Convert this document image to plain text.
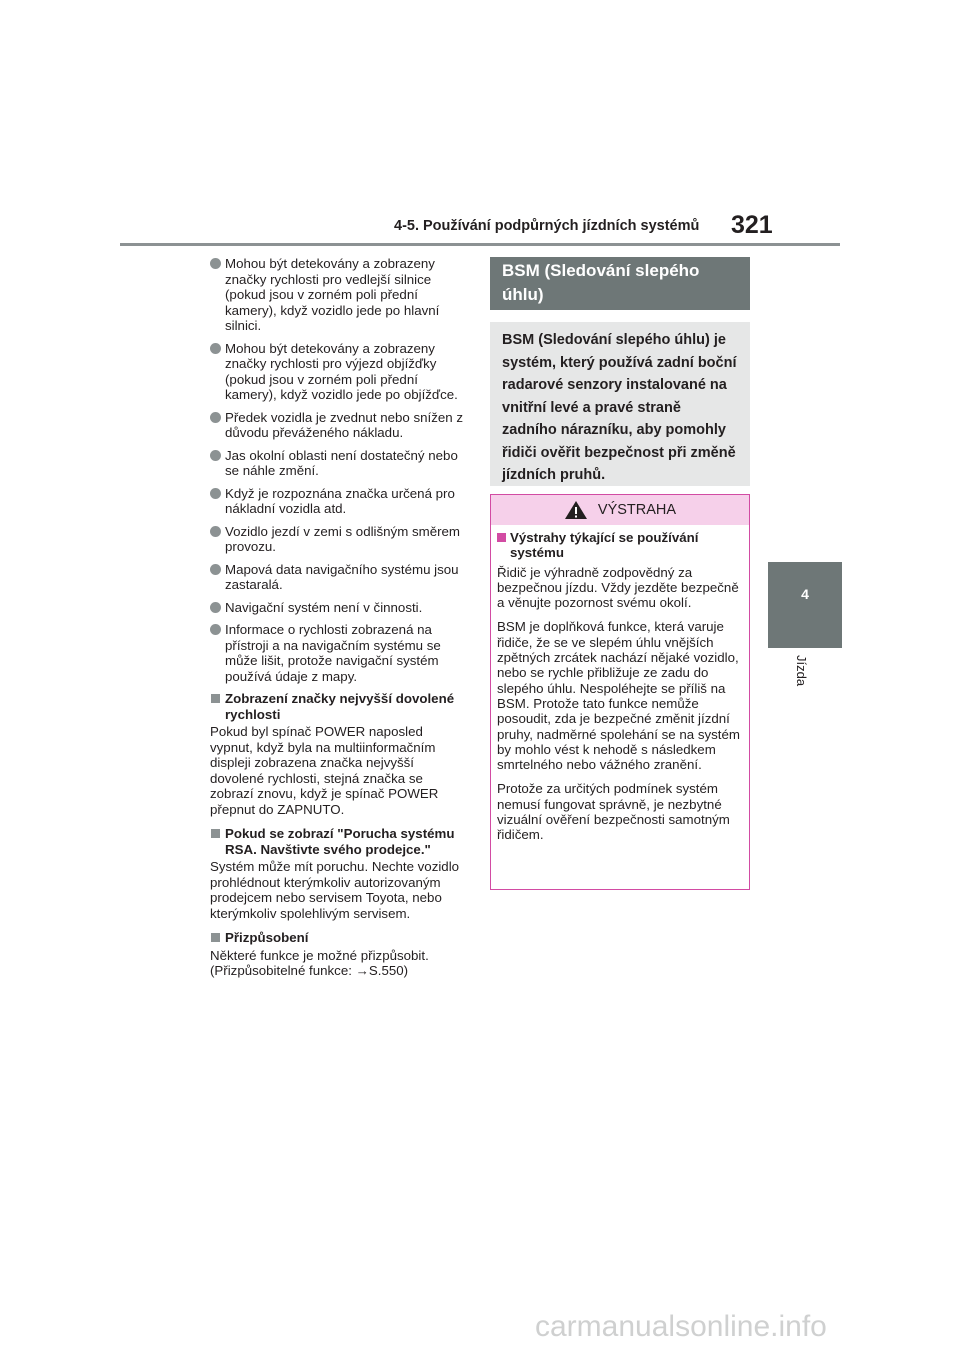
4-5. Používání podpůrných jízdních systémů 321
4
Jízda
Mohou být detekovány a zobrazeny značky rychlosti pro vedlejší silnice (pokud jsou v zorném poli přední kamery), když vozidlo jede po hlavní silnici.
Mohou být detekovány a zobrazeny značky rychlosti pro výjezd objížďky (pokud jsou v zorném poli přední kamery), když vozidlo jede po objížďce.
Předek vozidla je zvednut nebo snížen z důvodu převáženého nákladu.
Jas okolní oblasti není dostatečný nebo se náhle změní.
Když je rozpoznána značka určená pro nákladní vozidla atd.
Vozidlo jezdí v zemi s odlišným směrem provozu.
Mapová data navigačního systému jsou zastaralá.
Navigační systém není v činnosti.
Informace o rychlosti zobrazená na přístroji a na navigačním systému se může lišit, protože navigační systém používá údaje z mapy.
Zobrazení značky nejvyšší dovolené rychlosti
Pokud byl spínač POWER naposled vypnut, když byla na multiinformačním displeji zobrazena značka nejvyšší dovolené rychlosti, stejná značka se zobrazí znovu, když je spínač POWER přepnut do ZAPNUTO.
Pokud se zobrazí "Porucha systému RSA. Navštivte svého prodejce."
Systém může mít poruchu. Nechte vozidlo prohlédnout kterýmkoliv autorizovaným prodejcem nebo servisem Toyota, nebo kterýmkoliv spolehlivým servisem.
Přizpůsobení
Některé funkce je možné přizpůsobit. (Přizpůsobitelné funkce: →S.550)
BSM (Sledování slepého úhlu)
BSM (Sledování slepého úhlu) je systém, který používá zadní boční radarové senzory instalované na vnitřní levé a pravé straně zadního nárazníku, aby pomohly řidiči ověřit bezpečnost při změně jízdních pruhů.
VÝSTRAHA
Výstrahy týkající se používání systému
Řidič je výhradně zodpovědný za bezpečnou jízdu. Vždy jezděte bezpečně a věnujte pozornost svému okolí.
BSM je doplňková funkce, která varuje řidiče, že se ve slepém úhlu vnějších zpětných zrcátek nachází nějaké vozidlo, nebo se rychle přibližuje ze zadu do slepého úhlu. Nespoléhejte se příliš na BSM. Protože tato funkce nemůže posoudit, zda je bezpečné změnit jízdní pruhy, nadměrné spolehání se na systém by mohlo vést k nehodě s následkem smrtelného nebo vážného zranění.
Protože za určitých podmínek systém nemusí fungovat správně, je nezbytné vizuální ověření bezpečnosti samotným řidičem.
carmanualsonline.info
